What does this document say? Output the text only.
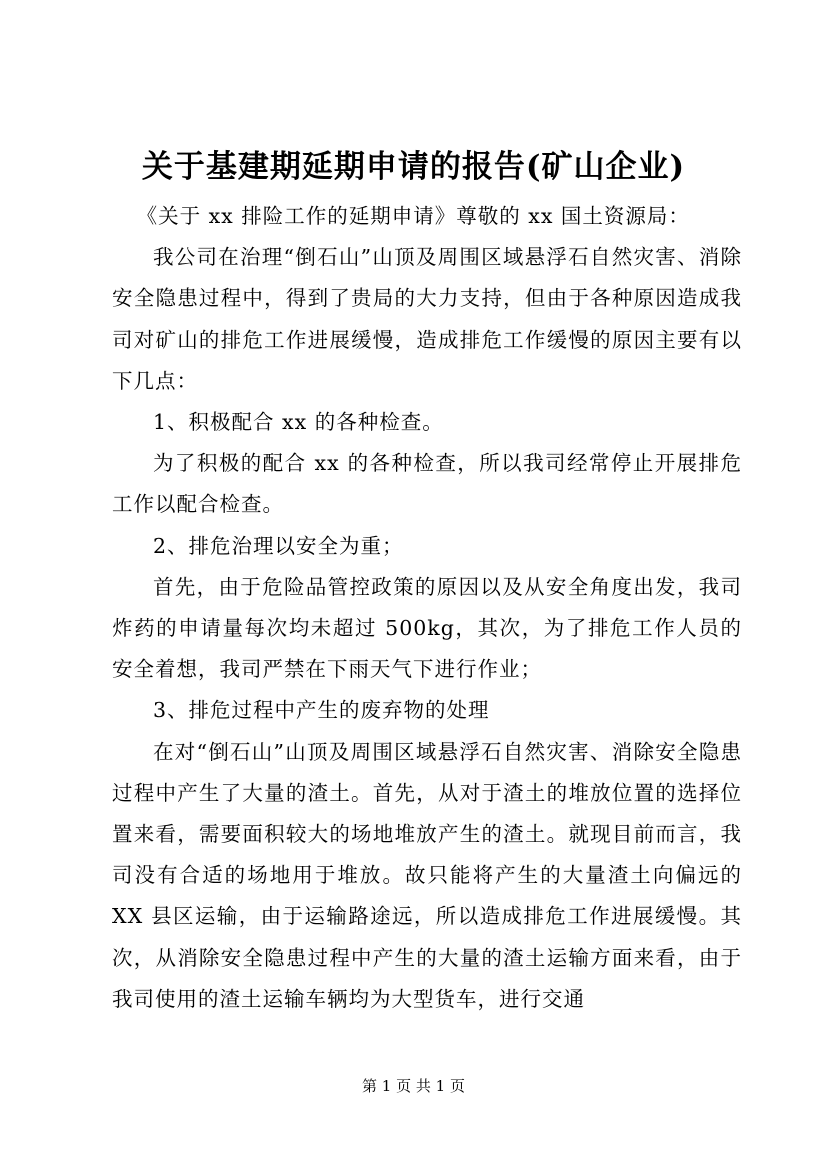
关于基建期延期申请的报告(矿山企业)

《关于 xx 排险工作的延期申请》尊敬的 xx 国土资源局：

我公司在治理“倒石山”山顶及周围区域悬浮石自然灾害、消除安全隐患过程中，得到了贵局的大力支持，但由于各种原因造成我司对矿山的排危工作进展缓慢，造成排危工作缓慢的原因主要有以下几点：

1、积极配合 xx 的各种检查。

为了积极的配合 xx 的各种检查，所以我司经常停止开展排危工作以配合检查。

2、排危治理以安全为重；

首先，由于危险品管控政策的原因以及从安全角度出发，我司炸药的申请量每次均未超过 500kg，其次，为了排危工作人员的安全着想，我司严禁在下雨天气下进行作业；

3、排危过程中产生的废弃物的处理

在对“倒石山”山顶及周围区域悬浮石自然灾害、消除安全隐患过程中产生了大量的渣土。首先，从对于渣土的堆放位置的选择位置来看，需要面积较大的场地堆放产生的渣土。就现目前而言，我司没有合适的场地用于堆放。故只能将产生的大量渣土向偏远的 XX 县区运输，由于运输路途远，所以造成排危工作进展缓慢。其次，从消除安全隐患过程中产生的大量的渣土运输方面来看，由于我司使用的渣土运输车辆均为大型货车，进行交通

第 1 页 共 1 页
